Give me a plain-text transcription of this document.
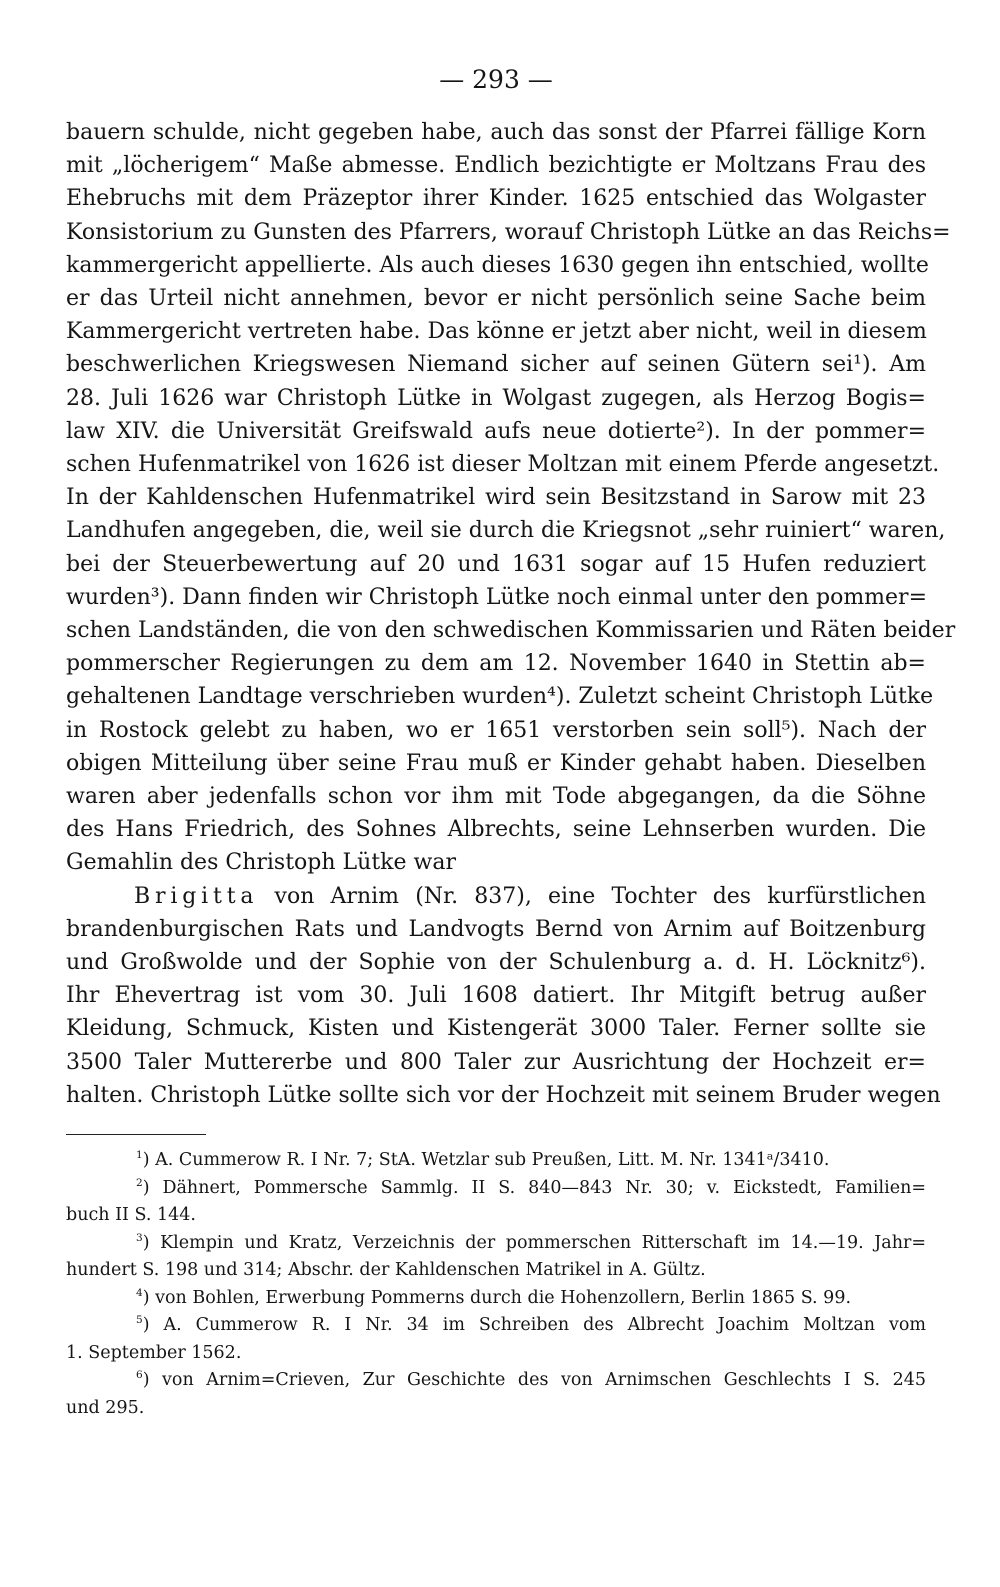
— 293 —
bauern schulde, nicht gegeben habe, auch das sonst der Pfarrei fällige Korn
mit „löcherigem“ Maße abmesse. Endlich bezichtigte er Moltzans Frau des
Ehebruchs mit dem Präzeptor ihrer Kinder. 1625 entschied das Wolgaster
Konsistorium zu Gunsten des Pfarrers, worauf Christoph Lütke an das Reichs=
kammergericht appellierte. Als auch dieses 1630 gegen ihn entschied, wollte
er das Urteil nicht annehmen, bevor er nicht persönlich seine Sache beim
Kammergericht vertreten habe. Das könne er jetzt aber nicht, weil in diesem
beschwerlichen Kriegswesen Niemand sicher auf seinen Gütern sei¹). Am
28. Juli 1626 war Christoph Lütke in Wolgast zugegen, als Herzog Bogis=
law XIV. die Universität Greifswald aufs neue dotierte²). In der pommer=
schen Hufenmatrikel von 1626 ist dieser Moltzan mit einem Pferde angesetzt.
In der Kahldenschen Hufenmatrikel wird sein Besitzstand in Sarow mit 23
Landhufen angegeben, die, weil sie durch die Kriegsnot „sehr ruiniert“ waren,
bei der Steuerbewertung auf 20 und 1631 sogar auf 15 Hufen reduziert
wurden³). Dann finden wir Christoph Lütke noch einmal unter den pommer=
schen Landständen, die von den schwedischen Kommissarien und Räten beider
pommerscher Regierungen zu dem am 12. November 1640 in Stettin ab=
gehaltenen Landtage verschrieben wurden⁴). Zuletzt scheint Christoph Lütke
in Rostock gelebt zu haben, wo er 1651 verstorben sein soll⁵). Nach der
obigen Mitteilung über seine Frau muß er Kinder gehabt haben. Dieselben
waren aber jedenfalls schon vor ihm mit Tode abgegangen, da die Söhne
des Hans Friedrich, des Sohnes Albrechts, seine Lehnserben wurden. Die
Gemahlin des Christoph Lütke war
Brigitta von Arnim (Nr. 837), eine Tochter des kurfürstlichen
brandenburgischen Rats und Landvogts Bernd von Arnim auf Boitzenburg
und Großwolde und der Sophie von der Schulenburg a. d. H. Löcknitz⁶).
Ihr Ehevertrag ist vom 30. Juli 1608 datiert. Ihr Mitgift betrug außer
Kleidung, Schmuck, Kisten und Kistengerät 3000 Taler. Ferner sollte sie
3500 Taler Muttererbe und 800 Taler zur Ausrichtung der Hochzeit er=
halten. Christoph Lütke sollte sich vor der Hochzeit mit seinem Bruder wegen
$^1$) A. Cummerow R. I Nr. 7; StA. Wetzlar sub Preußen, Litt. M. Nr. 1341ᵃ/3410.
$^2$) Dähnert, Pommersche Sammlg. II S. 840—843 Nr. 30; v. Eickstedt, Familien=
buch II S. 144.
$^3$) Klempin und Kratz, Verzeichnis der pommerschen Ritterschaft im 14.—19. Jahr=
hundert S. 198 und 314; Abschr. der Kahldenschen Matrikel in A. Gültz.
$^4$) von Bohlen, Erwerbung Pommerns durch die Hohenzollern, Berlin 1865 S. 99.
$^5$) A. Cummerow R. I Nr. 34 im Schreiben des Albrecht Joachim Moltzan vom
1. September 1562.
$^6$) von Arnim=Crieven, Zur Geschichte des von Arnimschen Geschlechts I S. 245
und 295.
